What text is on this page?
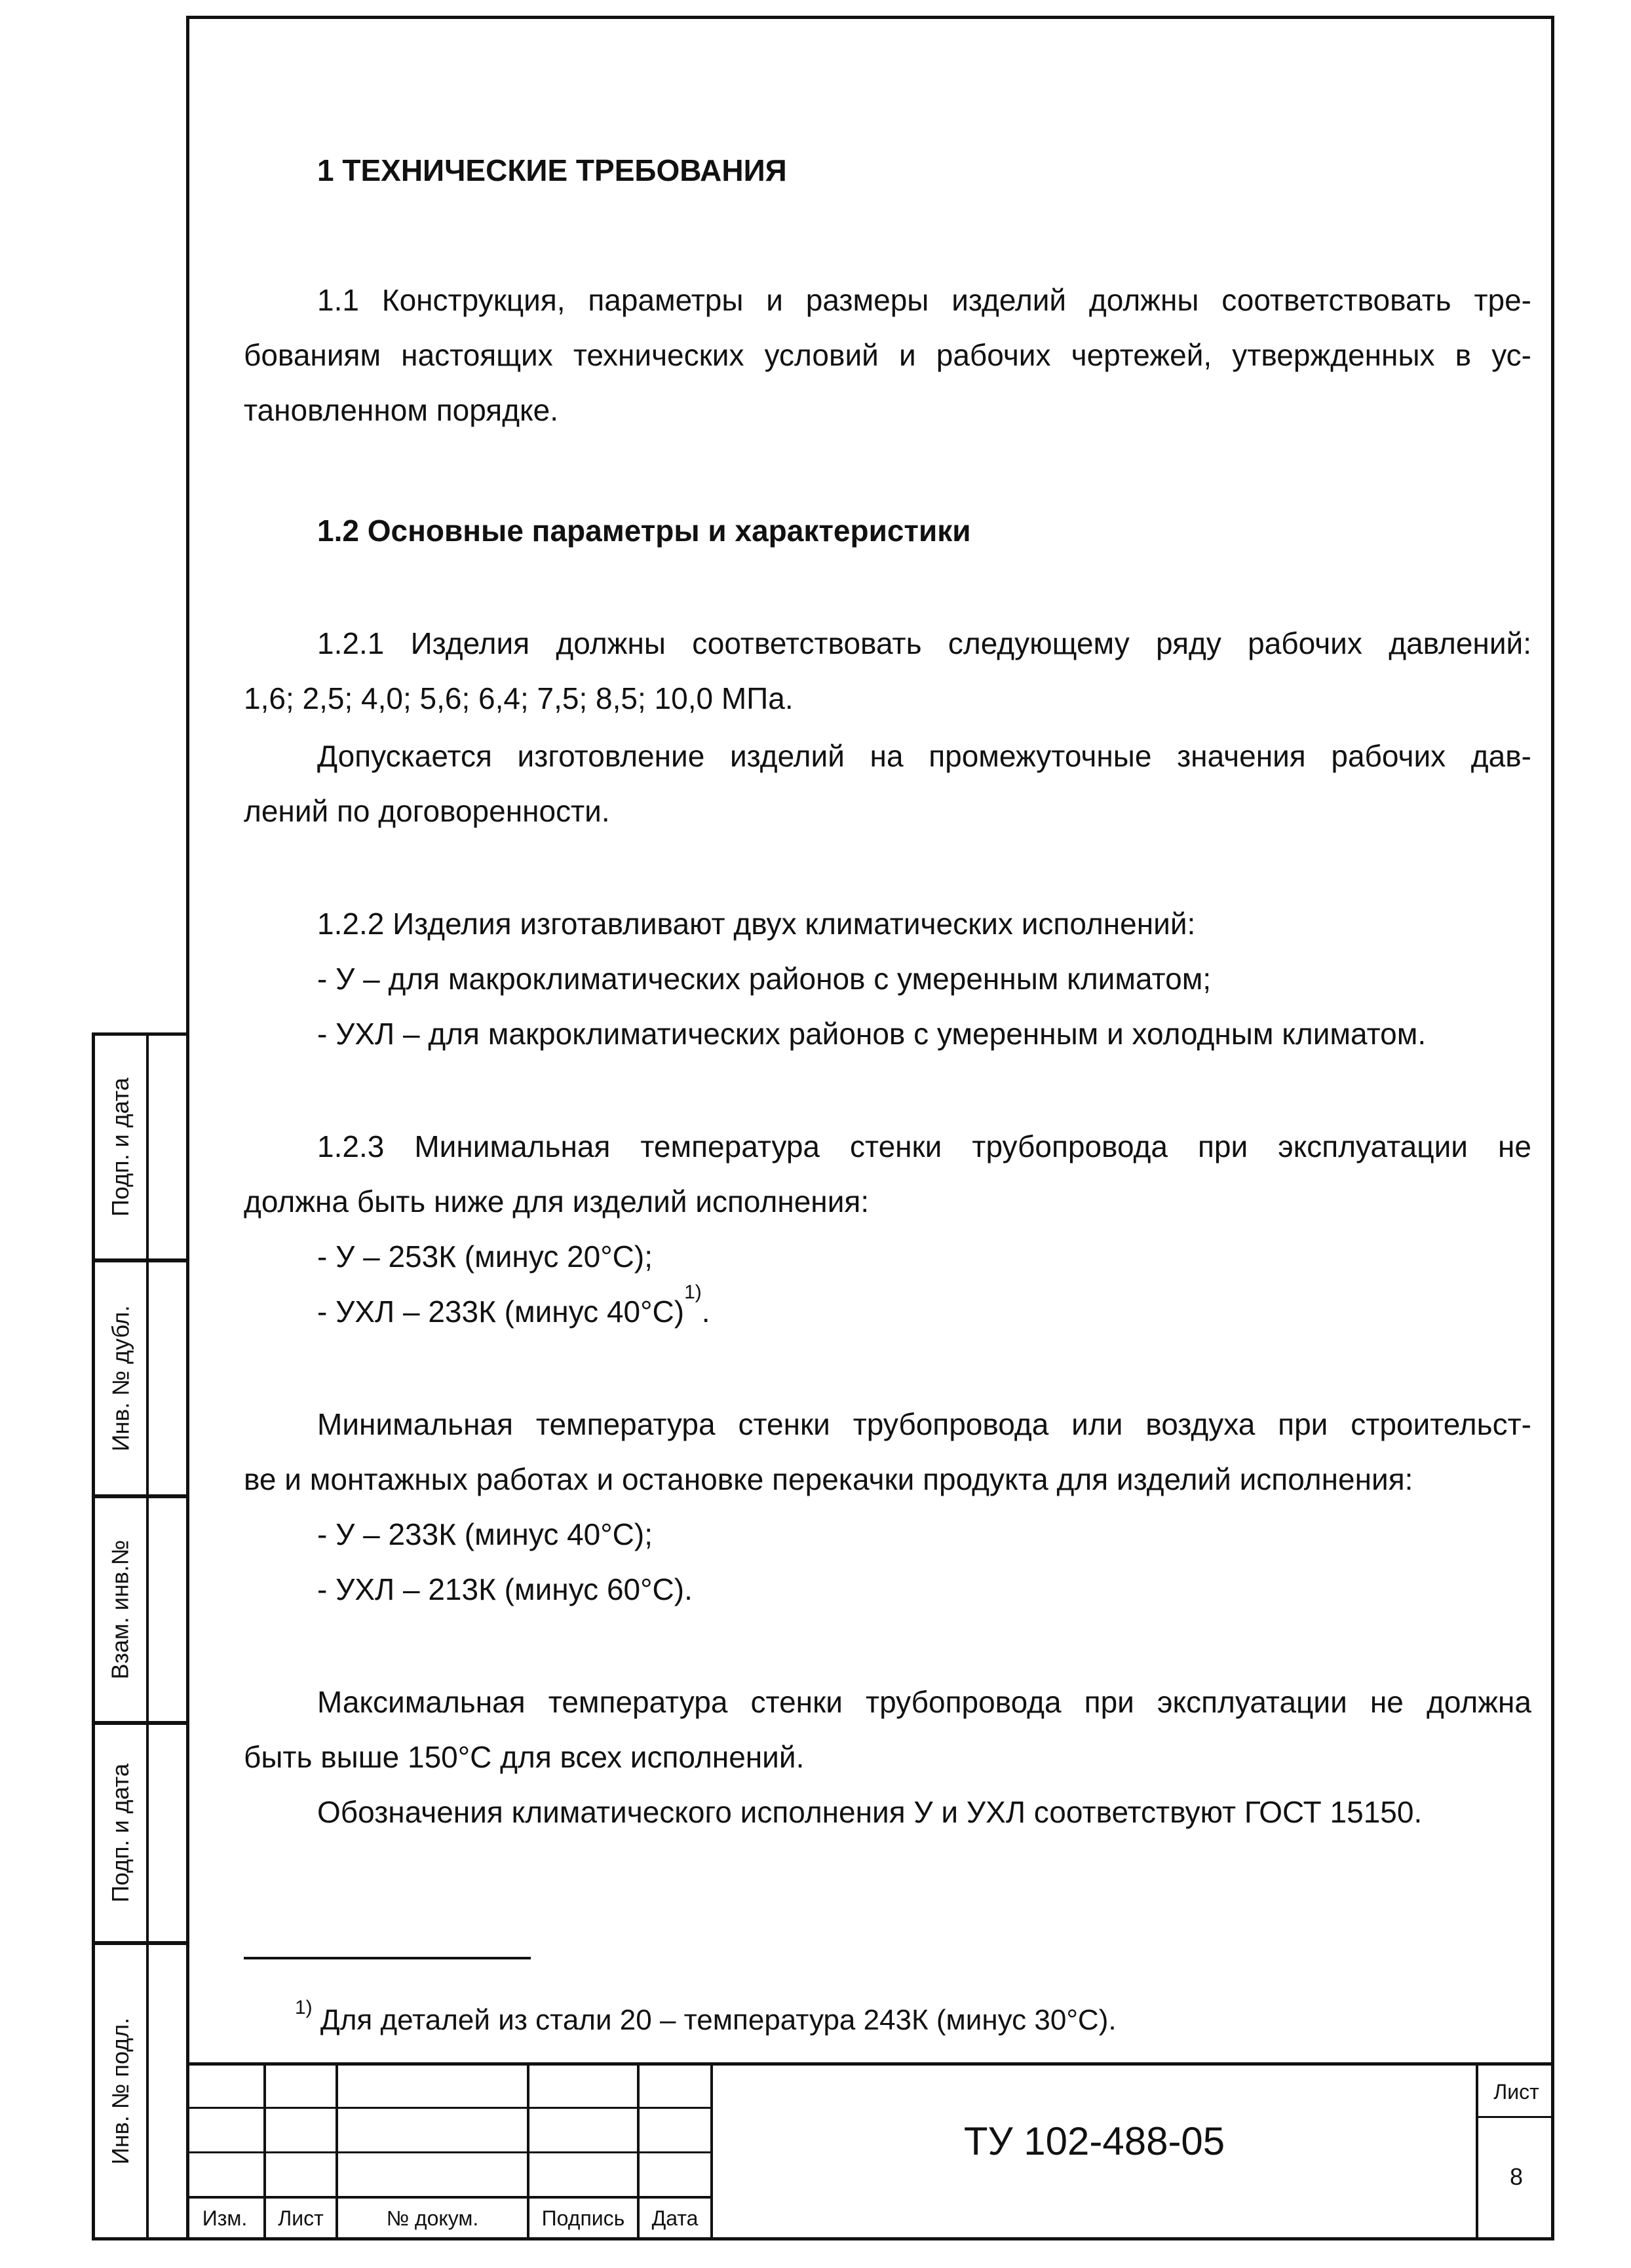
1 ТЕХНИЧЕСКИЕ ТРЕБОВАНИЯ

1.1 Конструкция, параметры и размеры изделий должны соответствовать тре-

бованиям настоящих технических условий и рабочих чертежей, утвержденных в ус-

тановленном порядке.

1.2 Основные параметры и характеристики

1.2.1 Изделия должны соответствовать следующему ряду рабочих давлений:

1,6; 2,5; 4,0; 5,6; 6,4; 7,5; 8,5; 10,0 МПа.

Допускается изготовление изделий на промежуточные значения рабочих дав-

лений по договоренности.

1.2.2 Изделия изготавливают двух климатических исполнений:

- У – для макроклиматических районов с умеренным климатом;

- УХЛ – для макроклиматических районов с умеренным и холодным климатом.

1.2.3 Минимальная температура стенки трубопровода при эксплуатации не

должна быть ниже для изделий исполнения:

- У – 253К (минус 20°С);

- УХЛ – 233К (минус 40°С)$^{1)}$.

Минимальная температура стенки трубопровода или воздуха при строительст-

ве и монтажных работах и остановке перекачки продукта для изделий исполнения:

- У – 233К (минус 40°С);

- УХЛ – 213К (минус 60°С).

Максимальная температура стенки трубопровода при эксплуатации не должна

быть выше 150°С для всех исполнений.

Обозначения климатического исполнения У и УХЛ соответствуют ГОСТ 15150.

$^{1)}$ Для деталей из стали 20 – температура 243К (минус 30°С).

Подп. и дата
Инв. № дубл.
Взам. инв.№
Подп. и дата
Инв. № подл.
Изм.	Лист	№ докум.	Подпись	Дата
Лист
8
ТУ 102-488-05
